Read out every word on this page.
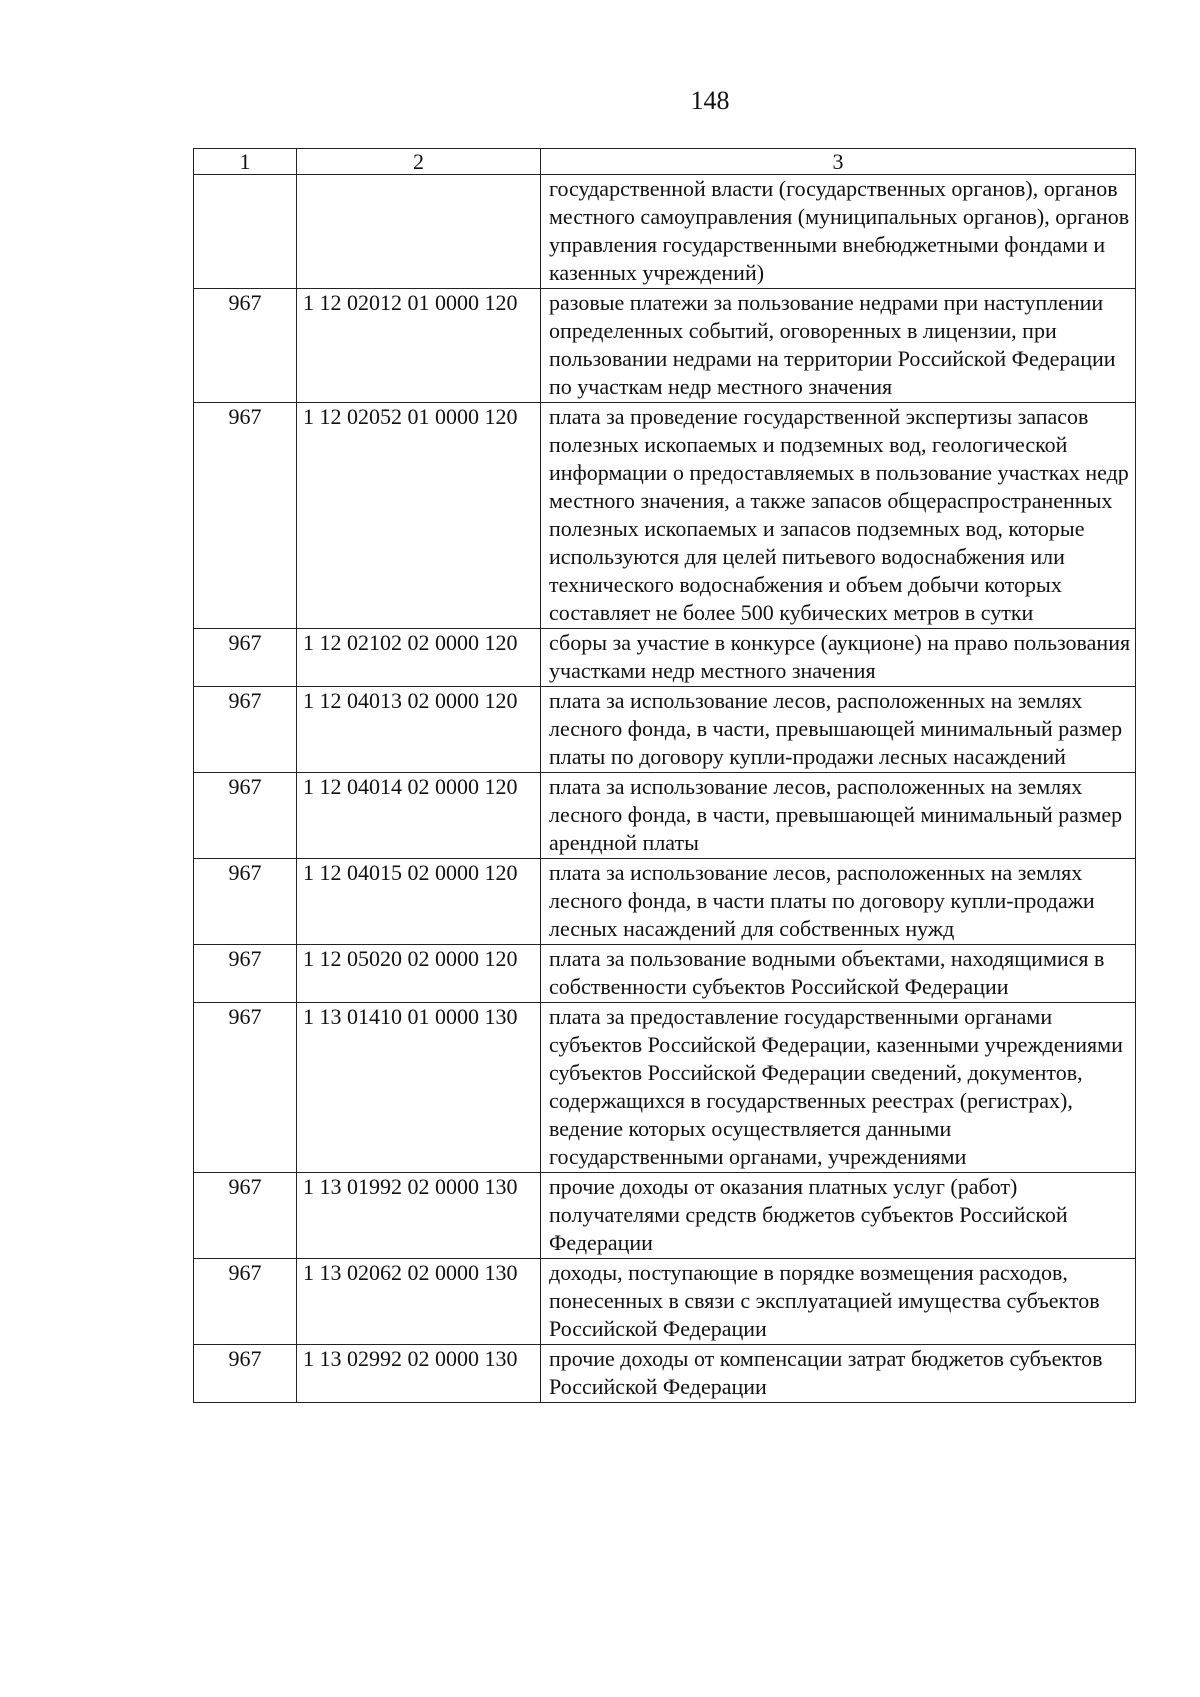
148
1	2	3
		государственной власти (государственных органов), органов местного самоуправления (муниципальных органов), органов управления государственными внебюджетными фондами и казенных учреждений)
967	1 12 02012 01 0000 120	разовые платежи за пользование недрами при наступлении определенных событий, оговоренных в лицензии, при пользовании недрами на территории Российской Федерации по участкам недр местного значения
967	1 12 02052 01 0000 120	плата за проведение государственной экспертизы запасов полезных ископаемых и подземных вод, геологической информации о предоставляемых в пользование участках недр местного значения, а также запасов общераспространенных полезных ископаемых и запасов подземных вод, которые используются для целей питьевого водоснабжения или технического водоснабжения и объем добычи которых составляет не более 500 кубических метров в сутки
967	1 12 02102 02 0000 120	сборы за участие в конкурсе (аукционе) на право пользования участками недр местного значения
967	1 12 04013 02 0000 120	плата за использование лесов, расположенных на землях лесного фонда, в части, превышающей минимальный размер платы по договору купли-продажи лесных насаждений
967	1 12 04014 02 0000 120	плата за использование лесов, расположенных на землях лесного фонда, в части, превышающей минимальный размер арендной платы
967	1 12 04015 02 0000 120	плата за использование лесов, расположенных на землях лесного фонда, в части платы по договору купли-продажи лесных насаждений для собственных нужд
967	1 12 05020 02 0000 120	плата за пользование водными объектами, находящимися в собственности субъектов Российской Федерации
967	1 13 01410 01 0000 130	плата за предоставление государственными органами субъектов Российской Федерации, казенными учреждениями субъектов Российской Федерации сведений, документов, содержащихся в государственных реестрах (регистрах), ведение которых осуществляется данными государственными органами, учреждениями
967	1 13 01992 02 0000 130	прочие доходы от оказания платных услуг (работ) получателями средств бюджетов субъектов Российской Федерации
967	1 13 02062 02 0000 130	доходы, поступающие в порядке возмещения расходов, понесенных в связи с эксплуатацией имущества субъектов Российской Федерации
967	1 13 02992 02 0000 130	прочие доходы от компенсации затрат бюджетов субъектов Российской Федерации
